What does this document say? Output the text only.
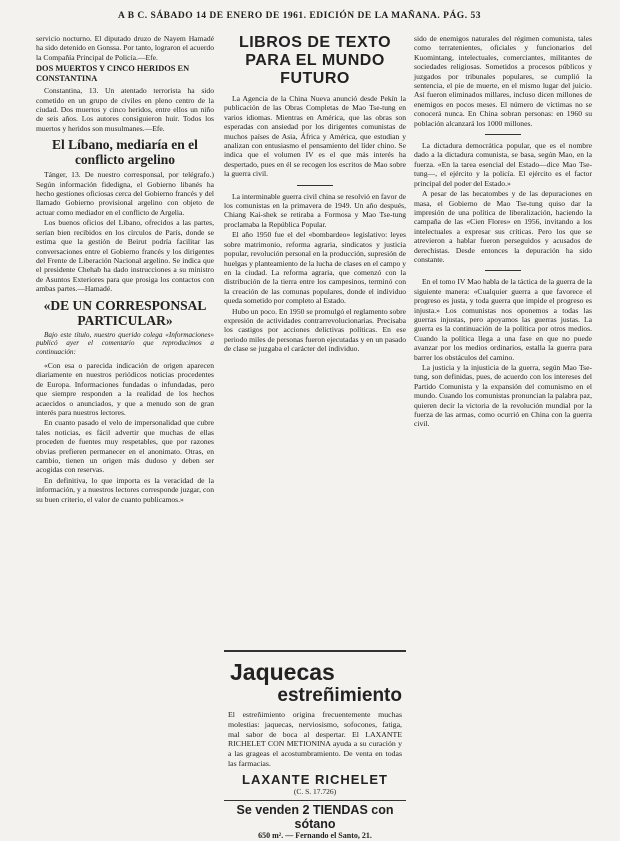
A B C. SÁBADO 14 DE ENERO DE 1961. EDICIÓN DE LA MAÑANA. PÁG. 53

servicio nocturno. El diputado druzo de Nayem Hamadé ha sido detenido en Gonssa. Por tanto, lograron el acuerdo la Compañía Principal de Policía.—Efe.

DOS MUERTOS Y CINCO HERIDOS EN CONSTANTINA

Constantina, 13. Un atentado terrorista ha sido cometido en un grupo de civiles en pleno centro de la ciudad. Dos muertos y cinco heridos, entre ellos un niño de seis años. Los autores consiguieron huir. Todos los muertos y heridos son musulmanes.—Efe.

El Líbano, mediaría en el conflicto argelino

Tánger, 13. De nuestro corresponsal, por telégrafo.) Según información fidedigna, el Gobierno libanés ha hecho gestiones oficiosas cerca del Gobierno francés y del llamado Gobierno provisional argelino con objeto de actuar como mediador en el conflicto de Argelia.

Los buenos oficios del Líbano, ofrecidos a las partes, serían bien recibidos en los círculos de París, donde se estima que la gestión de Beirut podría facilitar las conversaciones entre el Gobierno francés y los dirigentes del Frente de Liberación Nacional argelino. Se indica que el presidente Chehab ha dado instrucciones a su ministro de Asuntos Exteriores para que prosiga los contactos con ambas partes.—Hamadé.

«DE UN CORRESPONSAL PARTICULAR»
Bajo este título, nuestro querido colega «Informaciones» publicó ayer el comentario que reproducimos a continuación:

«Con esa o parecida indicación de origen aparecen diariamente en nuestros periódicos noticias procedentes de Europa. Informaciones fundadas o infundadas, pero que siempre responden a la realidad de los hechos acaecidos o anunciados, y que a menudo son de gran interés para nuestros lectores.

En cuanto pasado el velo de impersonalidad que cubre tales noticias, es fácil advertir que muchas de ellas proceden de fuentes muy respetables, que por razones obvias prefieren permanecer en el anonimato. Otras, en cambio, tienen un origen más dudoso y deben ser acogidas con reservas.

En definitiva, lo que importa es la veracidad de la información, y a nuestros lectores corresponde juzgar, con su buen criterio, el valor de cuanto publicamos.»

LIBROS DE TEXTO PARA EL MUNDO FUTURO

La Agencia de la China Nueva anunció desde Pekín la publicación de las Obras Completas de Mao Tse-tung en varios idiomas. Mientras en América, que las obras son esperadas con ansiedad por los dirigentes comunistas de muchos países de Asia, África y América, que estudian y analizan con entusiasmo el pensamiento del líder chino. Se indica que el volumen IV es el que más interés ha despertado, pues en él se recogen los escritos de Mao sobre la guerra civil.

La interminable guerra civil china se resolvió en favor de los comunistas en la primavera de 1949. Un año después, Chiang Kai-shek se retiraba a Formosa y Mao Tse-tung proclamaba la República Popular.

El año 1950 fue el del «bombardeo» legislativo: leyes sobre matrimonio, reforma agraria, sindicatos y justicia popular, revolución personal en la producción, supresión de huelgas y planteamiento de la lucha de clases en el campo y en la ciudad. La reforma agraria, que comenzó con la distribución de la tierra entre los campesinos, terminó con la creación de las comunas populares, donde el individuo queda sometido por completo al Estado.

Hubo un poco. En 1950 se promulgó el reglamento sobre expresión de actividades contrarrevolucionarias. Precisaba los castigos por acciones delictivas políticas. En ese periodo miles de personas fueron ejecutadas y en un pasado de clase se juzgaba el carácter del individuo.

Jaquecas
estreñimiento
El estreñimiento origina frecuentemente muchas molestias: jaquecas, nerviosismo, sofocones, fatiga, mal sabor de boca al despertar. El LAXANTE RICHELET CON METIONINA ayuda a su curación y a las grageas el acostumbramiento. De venta en todas las farmacias.
LAXANTE RICHELET
(C. S. 17.726)
Se venden 2 TIENDAS con sótano
650 m². — Fernando el Santo, 21.

sido de enemigos naturales del régimen comunista, tales como terratenientes, oficiales y funcionarios del Kuomintang, intelectuales, comerciantes, militantes de sociedades religiosas. Sometidos a procesos públicos y juzgados por tribunales populares, se cumplió la sentencia, el pie de muerte, en el mismo lugar del juicio. Así fueron eliminados millares, incluso dicen millones de enemigos en pocos meses. El número de víctimas no se conocerá nunca. En China sobran personas: en 1960 su población alcanzará los 1000 millones.

La dictadura democrática popular, que es el nombre dado a la dictadura comunista, se basa, según Mao, en la fuerza. «En la tarea esencial del Estado—dice Mao Tse-tung—, el ejército y la policía. El ejército es el factor principal del poder del Estado.»

A pesar de las hecatombes y de las depuraciones en masa, el Gobierno de Mao Tse-tung quiso dar la impresión de una política de liberalización, haciendo la campaña de las «Cien Flores» en 1956, invitando a los intelectuales a expresar sus críticas. Pero los que se atrevieron a hablar fueron perseguidos y acusados de derechistas. Desde entonces la depuración ha sido constante.

En el tomo IV Mao habla de la táctica de la guerra de la siguiente manera: «Cualquier guerra a que favorece el progreso es justa, y toda guerra que impide el progreso es injusta.» Los comunistas nos oponemos a todas las guerras injustas, pero apoyamos las guerras justas. La guerra es la continuación de la política por otros medios. Cuando la política llega a una fase en que no puede avanzar por los medios ordinarios, estalla la guerra para barrer los obstáculos del camino.

La justicia y la injusticia de la guerra, según Mao Tse-tung, son definidas, pues, de acuerdo con los intereses del Partido Comunista y la expansión del comunismo en el mundo. Cuando los comunistas pronuncian la palabra paz, quieren decir la victoria de la revolución mundial por la fuerza de las armas, como ocurrió en China con la guerra civil.
